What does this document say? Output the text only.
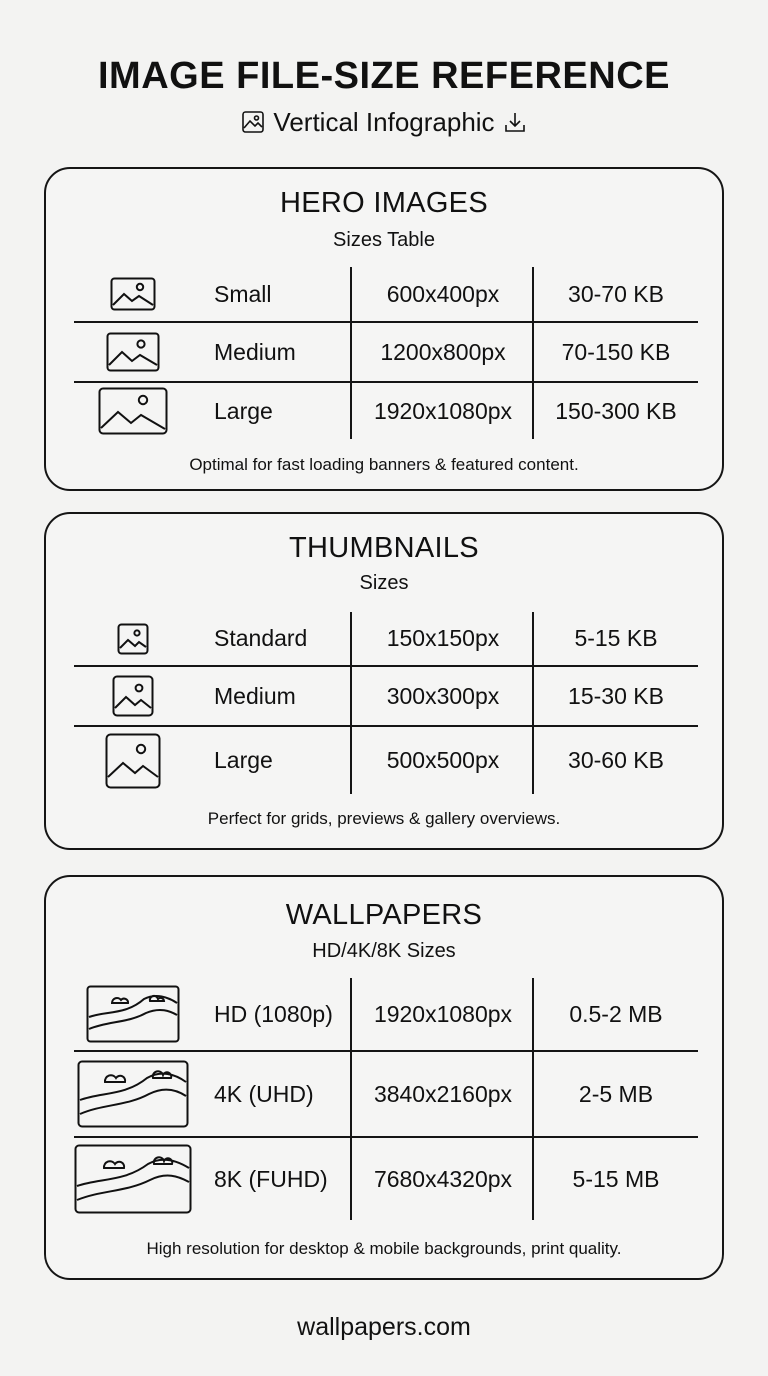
IMAGE FILE-SIZE REFERENCE
Vertical Infographic
HERO IMAGES
Sizes Table
Small	600x400px	30-70 KB
Medium	1200x800px	70-150 KB
Large	1920x1080px	150-300 KB
Optimal for fast loading banners & featured content.
THUMBNAILS
Sizes
Standard	150x150px	5-15 KB
Medium	300x300px	15-30 KB
Large	500x500px	30-60 KB
Perfect for grids, previews & gallery overviews.
WALLPAPERS
HD/4K/8K Sizes
HD (1080p)	1920x1080px	0.5-2 MB
4K (UHD)	3840x2160px	2-5 MB
8K (FUHD)	7680x4320px	5-15 MB
High resolution for desktop & mobile backgrounds, print quality.
wallpapers.com
